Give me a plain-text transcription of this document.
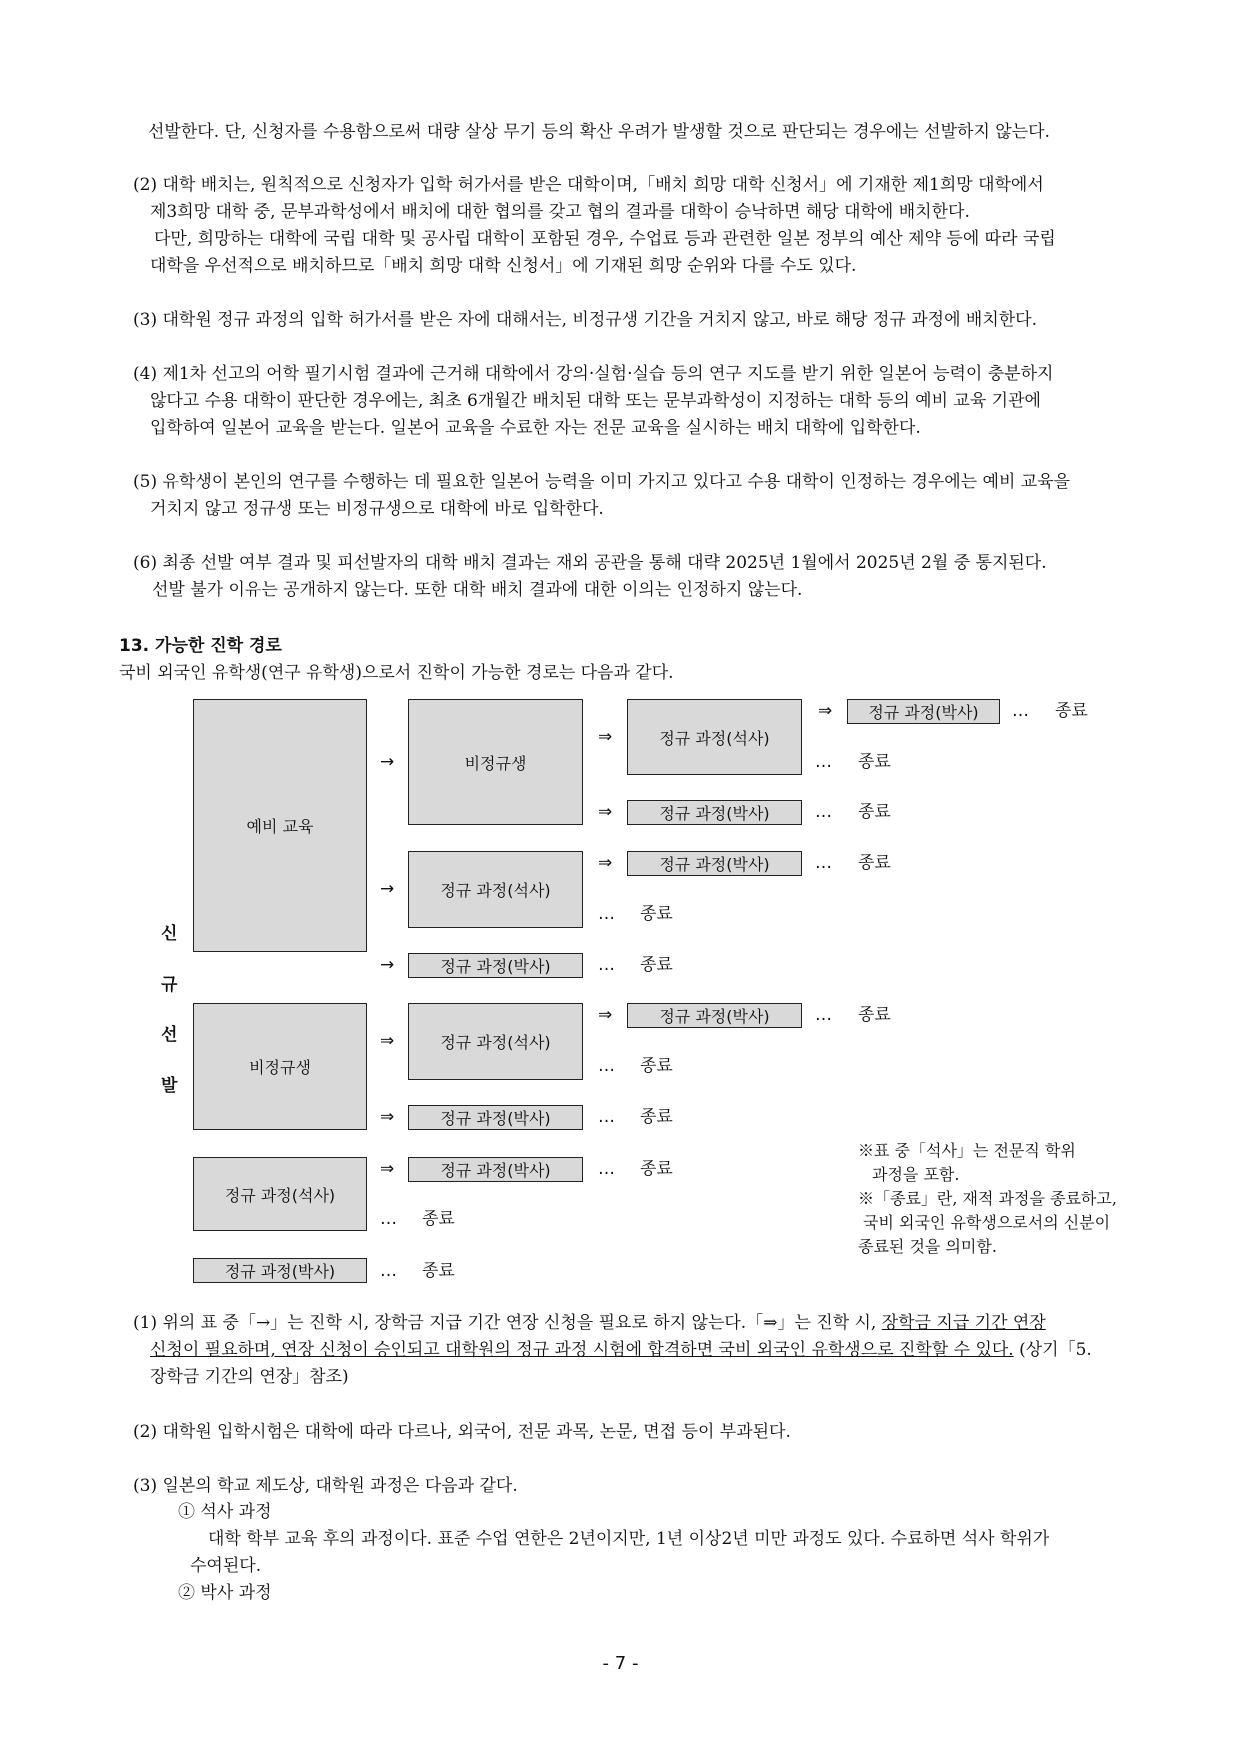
선발한다. 단, 신청자를 수용함으로써 대량 살상 무기 등의 확산 우려가 발생할 것으로 판단되는 경우에는 선발하지 않는다.
(2) 대학 배치는, 원칙적으로 신청자가 입학 허가서를 받은 대학이며,「배치 희망 대학 신청서」에 기재한 제1희망 대학에서
제3희망 대학 중, 문부과학성에서 배치에 대한 협의를 갖고 협의 결과를 대학이 승낙하면 해당 대학에 배치한다.
다만, 희망하는 대학에 국립 대학 및 공사립 대학이 포함된 경우, 수업료 등과 관련한 일본 정부의 예산 제약 등에 따라 국립
대학을 우선적으로 배치하므로「배치 희망 대학 신청서」에 기재된 희망 순위와 다를 수도 있다.
(3) 대학원 정규 과정의 입학 허가서를 받은 자에 대해서는, 비정규생 기간을 거치지 않고, 바로 해당 정규 과정에 배치한다.
(4) 제1차 선고의 어학 필기시험 결과에 근거해 대학에서 강의·실험·실습 등의 연구 지도를 받기 위한 일본어 능력이 충분하지
않다고 수용 대학이 판단한 경우에는, 최초 6개월간 배치된 대학 또는 문부과학성이 지정하는 대학 등의 예비 교육 기관에
입학하여 일본어 교육을 받는다. 일본어 교육을 수료한 자는 전문 교육을 실시하는 배치 대학에 입학한다.
(5) 유학생이 본인의 연구를 수행하는 데 필요한 일본어 능력을 이미 가지고 있다고 수용 대학이 인정하는 경우에는 예비 교육을
거치지 않고 정규생 또는 비정규생으로 대학에 바로 입학한다.
(6) 최종 선발 여부 결과 및 피선발자의 대학 배치 결과는 재외 공관을 통해 대략 2025년 1월에서 2025년 2월 중 통지된다.
선발 불가 이유는 공개하지 않는다. 또한 대학 배치 결과에 대한 이의는 인정하지 않는다.
13. 가능한 진학 경로
국비 외국인 유학생(연구 유학생)으로서 진학이 가능한 경로는 다음과 같다.
신
규
선
발
예비 교육
비정규생
정규 과정(석사)
정규 과정(박사)
비정규생
정규 과정(석사)
정규 과정(박사)
정규 과정(석사)
정규 과정(박사)
정규 과정(박사)
정규 과정(석사)
정규 과정(박사)
정규 과정(박사)
정규 과정(박사)
정규 과정(박사)
→
→
→
⇒
⇒
⇒
⇒
⇒
⇒
⇒
⇒	… 종료
… 종료
… 종료
… 종료
… 종료
… 종료
… 종료
… 종료
… 종료
… 종료
… 종료
… 종료
※표 중「석사」는 전문직 학위
과정을 포함.
※「종료」란, 재적 과정을 종료하고,
국비 외국인 유학생으로서의 신분이
종료된 것을 의미함.
(1) 위의 표 중「→」는 진학 시, 장학금 지급 기간 연장 신청을 필요로 하지 않는다.「⇒」는 진학 시, 장학금 지급 기간 연장
신청이 필요하며, 연장 신청이 승인되고 대학원의 정규 과정 시험에 합격하면 국비 외국인 유학생으로 진학할 수 있다. (상기「5.
장학금 기간의 연장」참조)
(2) 대학원 입학시험은 대학에 따라 다르나, 외국어, 전문 과목, 논문, 면접 등이 부과된다.
(3) 일본의 학교 제도상, 대학원 과정은 다음과 같다.
① 석사 과정
대학 학부 교육 후의 과정이다. 표준 수업 연한은 2년이지만, 1년 이상2년 미만 과정도 있다. 수료하면 석사 학위가
수여된다.
② 박사 과정
- 7 -
